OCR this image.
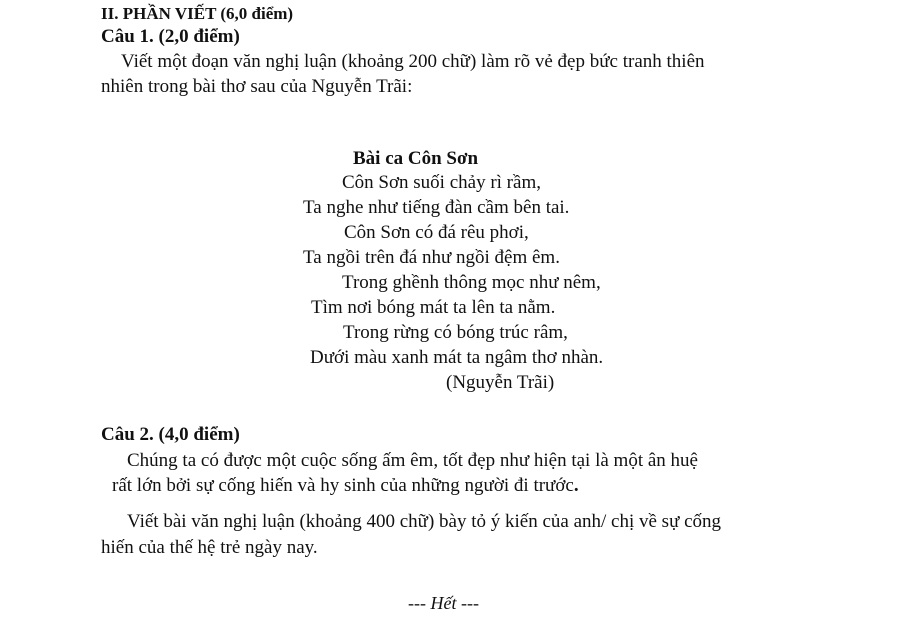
II. PHẦN VIẾT (6,0 điểm)
Câu 1. (2,0 điểm)
Viết một đoạn văn nghị luận (khoảng 200 chữ) làm rõ vẻ đẹp bức tranh thiên
nhiên trong bài thơ sau của Nguyễn Trãi:
Bài ca Côn Sơn
Côn Sơn suối chảy rì rầm,
Ta nghe như tiếng đàn cầm bên tai.
Côn Sơn có đá rêu phơi,
Ta ngồi trên đá như ngồi đệm êm.
Trong ghềnh thông mọc như nêm,
Tìm nơi bóng mát ta lên ta nằm.
Trong rừng có bóng trúc râm,
Dưới màu xanh mát ta ngâm thơ nhàn.
(Nguyễn Trãi)
Câu 2. (4,0 điểm)
Chúng ta có được một cuộc sống ấm êm, tốt đẹp như hiện tại là một ân huệ
rất lớn bởi sự cống hiến và hy sinh của những người đi trước.
Viết bài văn nghị luận (khoảng 400 chữ) bày tỏ ý kiến của anh/ chị về sự cống
hiến của thế hệ trẻ ngày nay.
--- Hết ---
